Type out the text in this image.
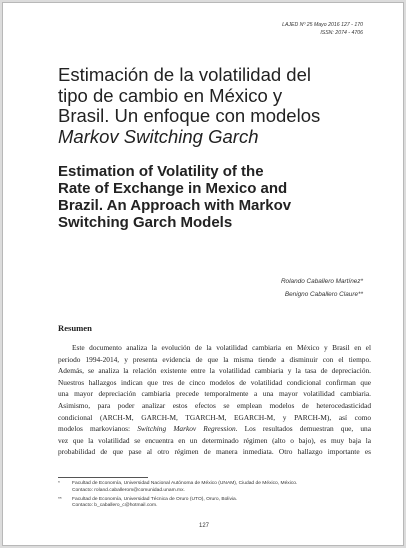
LAJED Nº 25 Mayo 2016 127 - 170
ISSN: 2074 - 4706
Estimación de la volatilidad del
tipo de cambio en México y
Brasil. Un enfoque con modelos
Markov Switching Garch
Estimation of Volatility of the
Rate of Exchange in Mexico and
Brazil. An Approach with Markov
Switching Garch Models
Rolando Caballero Martínez*
Benigno Caballero Claure**
Resumen
Este documento analiza la evolución de la volatilidad cambiaria en México y Brasil en el
periodo 1994-2014, y presenta evidencia de que la misma tiende a disminuir con el tiempo.
Además, se analiza la relación existente entre la volatilidad cambiaria y la tasa de depreciación.
Nuestros hallazgos indican que tres de cinco modelos de volatilidad condicional confirman que
una mayor depreciación cambiaria precede temporalmente a una mayor volatilidad cambiaria.
Asimismo, para poder analizar estos efectos se emplean modelos de heterocedasticidad
condicional (ARCH-M, GARCH-M, TGARCH-M, EGARCH-M, y PARCH-M), así como
modelos markovianos: Switching Markov Regression. Los resultados demuestran que, una
vez que la volatilidad se encuentra en un determinado régimen (alto o bajo), es muy baja la
probabilidad de que pase al otro régimen de manera inmediata. Otro hallazgo importante es
* Facultad de Economía, Universidad Nacional Autónoma de México (UNAM), Ciudad de México, México.
Contacto: roland.caballerom@comunidad.unam.mx.
** Facultad de Economía, Universidad Técnica de Oruro (UTO), Oruro, Bolivia.
Contacto: b_caballero_c@hotmail.com.
127
